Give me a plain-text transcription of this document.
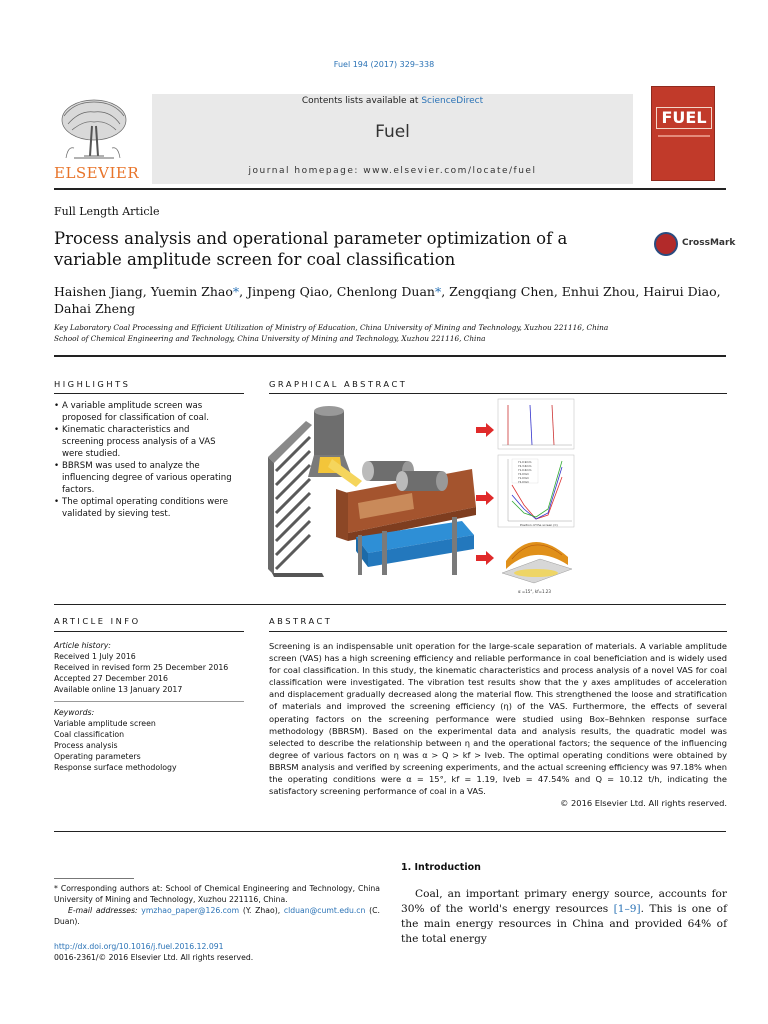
Fuel 194 (2017) 329–338
ELSEVIER
Contents lists available at ScienceDirect
Fuel
journal homepage: www.elsevier.com/locate/fuel
FUEL
Full Length Article
Process analysis and operational parameter optimization of a variable amplitude screen for coal classification
CrossMark
Haishen Jiang, Yuemin Zhao*, Jinpeng Qiao, Chenlong Duan*, Zengqiang Chen, Enhui Zhou, Hairui Diao,
Dahai Zheng
Key Laboratory Coal Processing and Efficient Utilization of Ministry of Education, China University of Mining and Technology, Xuzhou 221116, China
School of Chemical Engineering and Technology, China University of Mining and Technology, Xuzhou 221116, China
HIGHLIGHTS
• A variable amplitude screen was proposed for classification of coal.
• Kinematic characteristics and screening process analysis of a VAS were studied.
• BBRSM was used to analyze the influencing degree of various operating factors.
• The optimal operating conditions were validated by sieving test.
GRAPHICAL ABSTRACT
Y1-0.9mm
Y2-3.6mm
Y1-0.6mm
Y2-0mm
Y1-0mm
Y2-0mm
Position of the screen (C)
α =15°, kf=1.23
ARTICLE INFO
Article history:
Received 1 July 2016
Received in revised form 25 December 2016
Accepted 27 December 2016
Available online 13 January 2017
Keywords:
Variable amplitude screen
Coal classification
Process analysis
Operating parameters
Response surface methodology
ABSTRACT

Screening is an indispensable unit operation for the large-scale separation of materials. A variable amplitude screen (VAS) has a high screening efficiency and reliable performance in coal beneficiation and is widely used for coal classification. In this study, the kinematic characteristics and process analysis of a novel VAS for coal classification were investigated. The vibration test results show that the y axes amplitudes of acceleration and displacement gradually decreased along the material flow. This strengthened the loose and stratification of materials and improved the screening efficiency (η) of the VAS. Furthermore, the effects of several operating factors on the screening performance were studied using Box–Behnken response surface methodology (BBRSM). Based on the experimental data and analysis results, the quadratic model was selected to describe the relationship between η and the operational factors; the sequence of the influencing degree of various factors on η was α > Q > kf > Iveb. The optimal operating conditions were obtained by BBRSM analysis and verified by screening experiments, and the actual screening efficiency was 97.18% when the operating conditions were α = 15°, kf = 1.19, Iveb = 47.54% and Q = 10.12 t/h, indicating the satisfactory screening performance of coal in a VAS.

© 2016 Elsevier Ltd. All rights reserved.

* Corresponding authors at: School of Chemical Engineering and Technology, China University of Mining and Technology, Xuzhou 221116, China.
E-mail addresses: ymzhao_paper@126.com (Y. Zhao), clduan@cumt.edu.cn (C. Duan).
http://dx.doi.org/10.1016/j.fuel.2016.12.091
0016-2361/© 2016 Elsevier Ltd. All rights reserved.
1. Introduction
Coal, an important primary energy source, accounts for 30% of the world's energy resources [1–9]. This is one of the main energy resources in China and provided 64% of the total energy
